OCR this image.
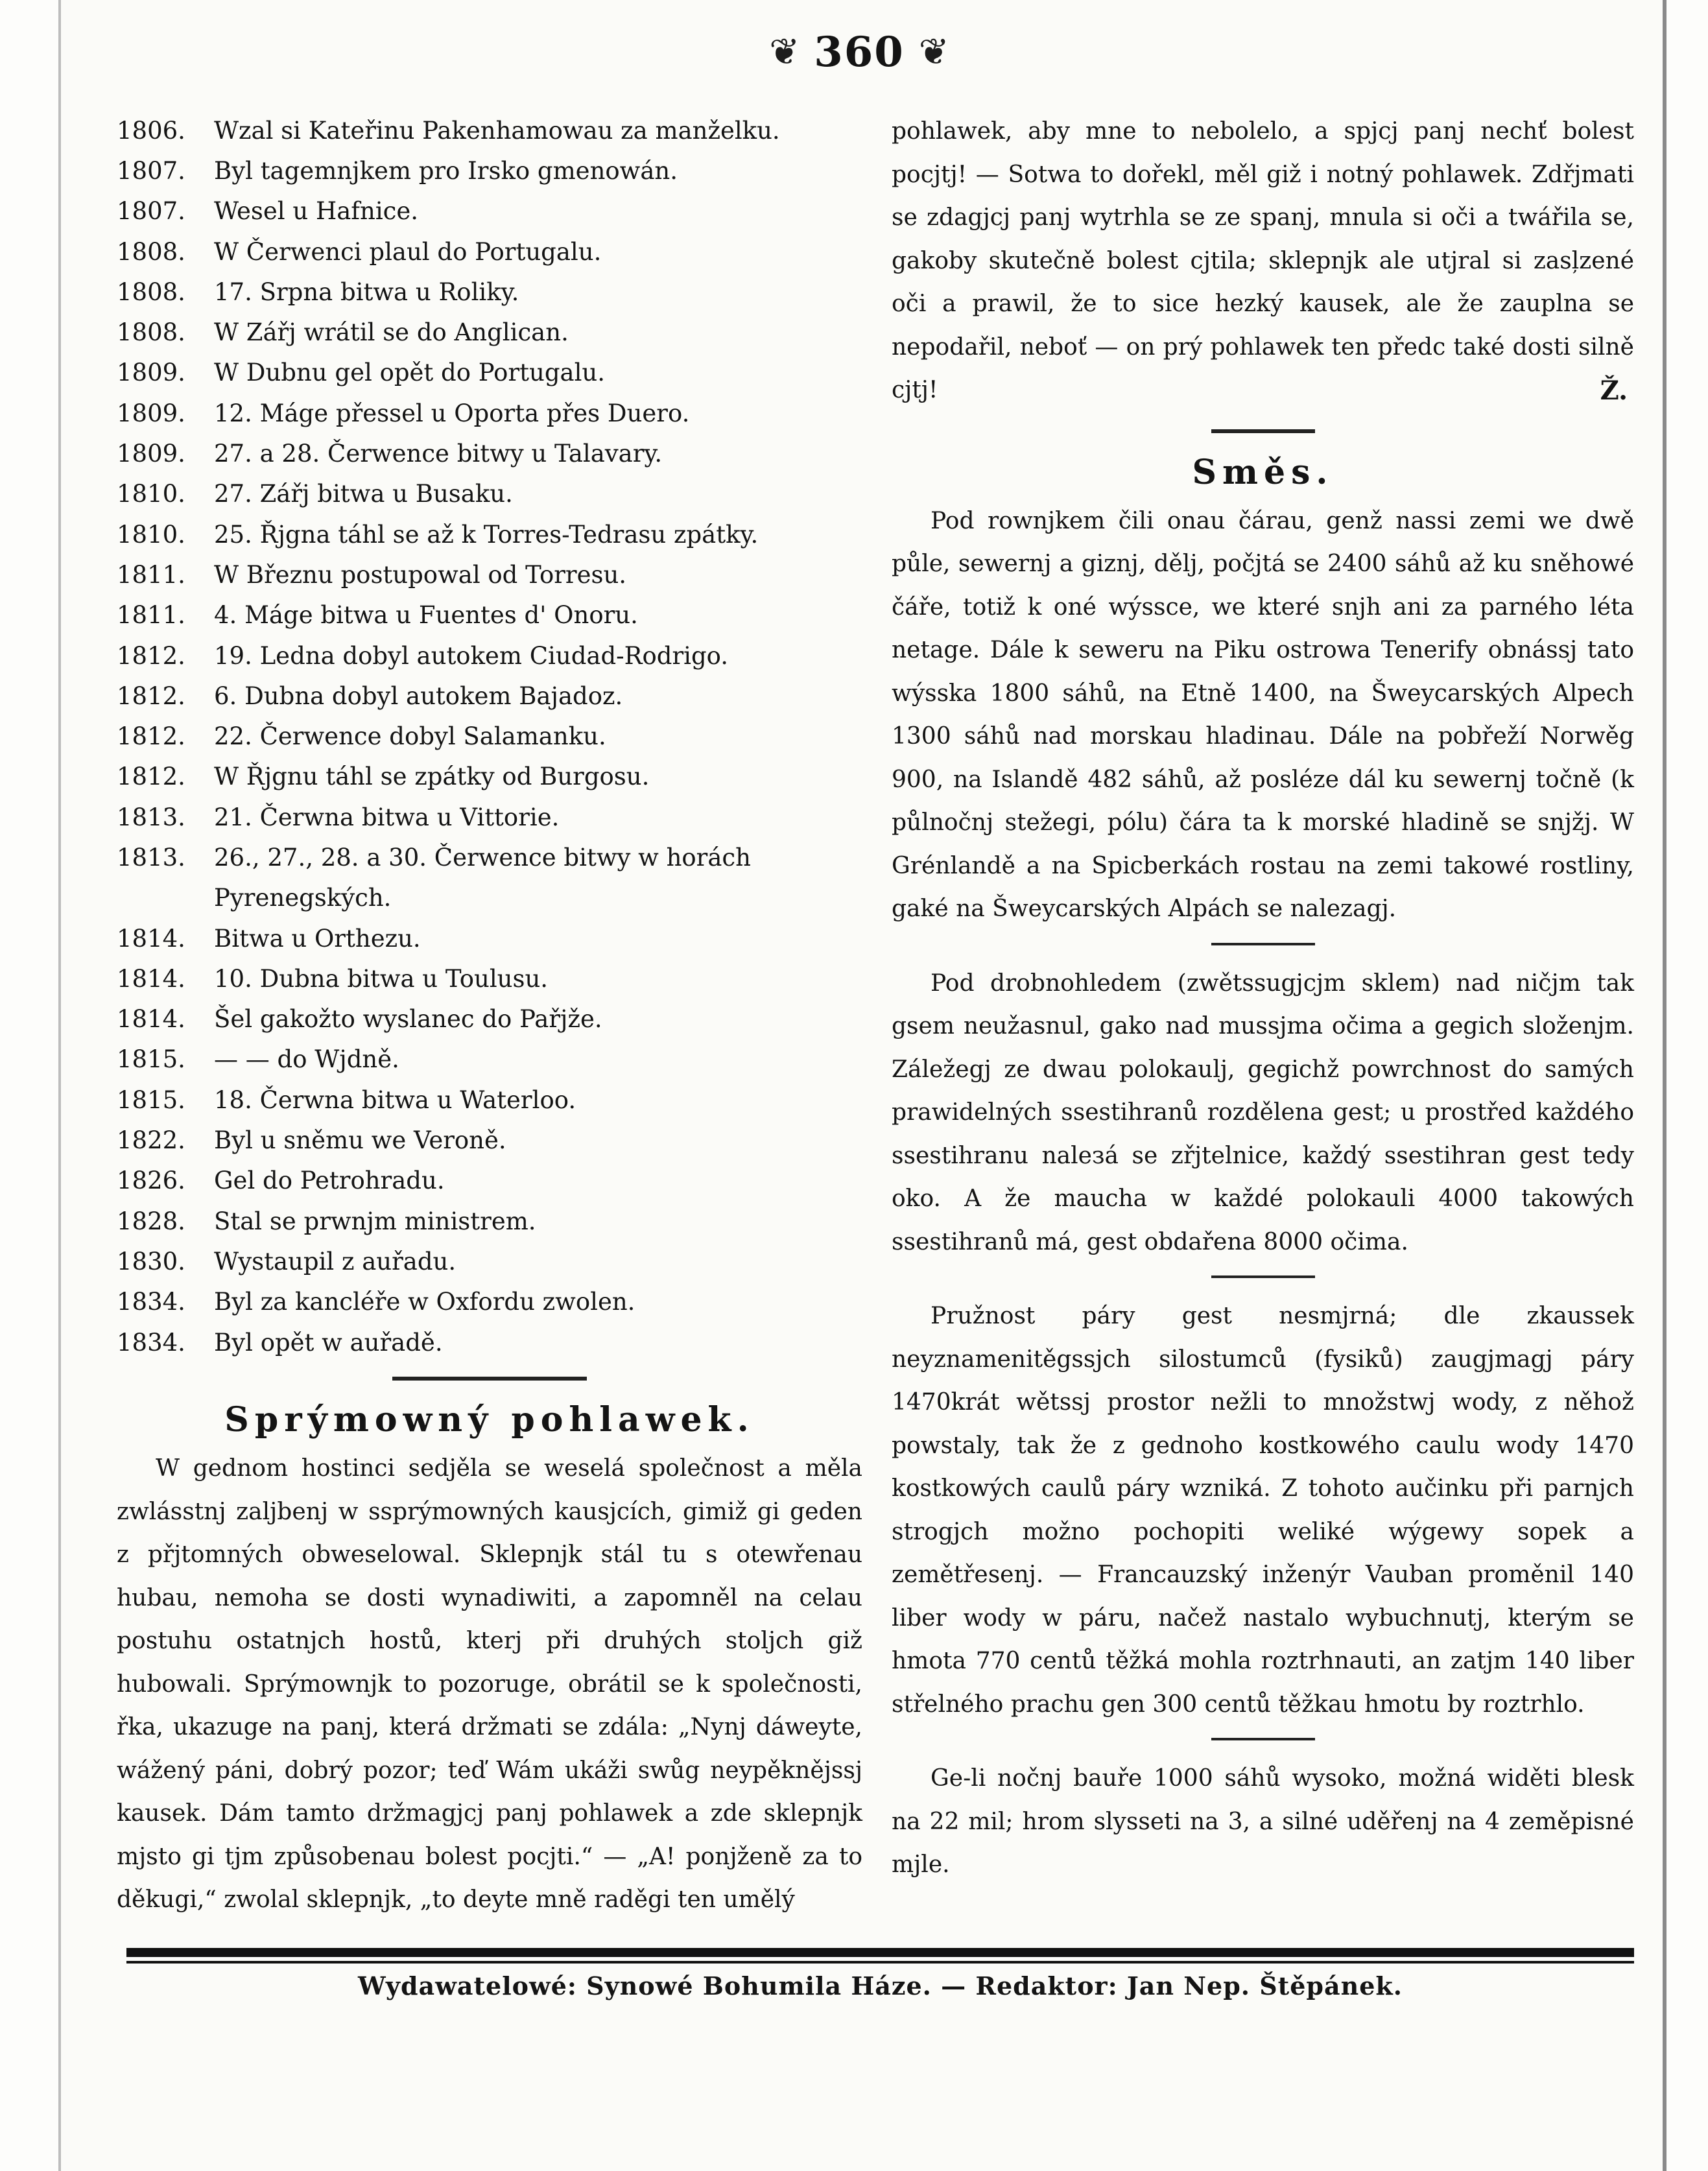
❦ 360 ❦
1806.	Wzal si Kateřinu Pakenhamowau za manželku.
1807.	Byl tagemnjkem pro Irsko gmenowán.
1807.	Wesel u Hafnice.
1808.	W Čerwenci plaul do Portugalu.
1808.	17. Srpna bitwa u Roliky.
1808.	W Zářj wrátil se do Anglican.
1809.	W Dubnu gel opět do Portugalu.
1809.	12. Máge přessel u Oporta přes Duero.
1809.	27. a 28. Čerwence bitwy u Talavary.
1810.	27. Zářj bitwa u Busaku.
1810.	25. Řjgna táhl se až k Torres-Tedrasu zpátky.
1811.	W Březnu postupowal od Torresu.
1811.	4. Máge bitwa u Fuentes d' Onoru.
1812.	19. Ledna dobyl autokem Ciudad-Rodrigo.
1812.	6. Dubna dobyl autokem Bajadoz.
1812.	22. Čerwence dobyl Salamanku.
1812.	W Řjgnu táhl se zpátky od Burgosu.
1813.	21. Čerwna bitwa u Vittorie.
1813.	26., 27., 28. a 30. Čerwence bitwy w horách
Pyrenegských.
1814.	Bitwa u Orthezu.
1814.	10. Dubna bitwa u Toulusu.
1814.	Šel gakožto wyslanec do Pařjže.
1815.	— — do Wjdně.
1815.	18. Čerwna bitwa u Waterloo.
1822.	Byl u sněmu we Veroně.
1826.	Gel do Petrohradu.
1828.	Stal se prwnjm ministrem.
1830.	Wystaupil z auřadu.
1834.	Byl za kancléře w Oxfordu zwolen.
1834.	Byl opět w auřadě.
Sprýmowný pohlawek.

W gednom hostinci sedjěla se weselá společnost a měla zwlásstnj zaljbenj w ssprýmowných kausjcích, gimiž gi geden z přjtomných obweselowal. Sklepnjk stál tu s otewřenau hubau, nemoha se dosti wynadiwiti, a zapomněl na celau postuhu ostatnjch hostů, kterj při druhých stoljch giž hubowali. Sprýmownjk to pozoruge, obrátil se k společnosti, řka, ukazuge na panj, která držmati se zdála: „Nynj dáweyte, wážený páni, dobrý pozor; teď Wám ukáži swůg neypěknějssj kausek. Dám tamto držmagjcj panj pohlawek a zde sklepnjk mjsto gi tjm způsobenau bolest pocjti.“ — „A! ponjženě za to děkugi,“ zwolal sklepnjk, „to deyte mně raděgi ten umělý

pohlawek, aby mne to nebolelo, a spjcj panj nechť bolest pocjtj! — Sotwa to dořekl, měl giž i notný pohlawek. Zdřjmati se zdagjcj panj wytrhla se ze spanj, mnula si oči a twářila se, gakoby skutečně bolest cjtila; sklepnjk ale utjral si zasļzené oči a prawil, že to sice hezký kausek, ale že zauplna se nepodařil, neboť — on prý pohlawek ten předc také dosti silně cjtj!	Ž.
Směs.

Pod rownjkem čili onau čárau, genž nassi zemi we dwě půle, sewernj a giznj, dělj, počjtá se 2400 sáhů až ku sněhowé čáře, totiž k oné wýssce, we které snjh ani za parného léta netage. Dále k seweru na Piku ostrowa Tenerify obnássj tato wýsska 1800 sáhů, na Etně 1400, na Šweycarských Alpech 1300 sáhů nad morskau hladinau. Dále na pobřeží Norwěg 900, na Islandě 482 sáhů, až posléze dál ku sewernj točně (k půlnočnj stežegi, pólu) čára ta k morské hladině se snjžj. W Grénlandě a na Spicberkách rostau na zemi takowé rostliny, gaké na Šweycarských Alpách se nalezagj.

Pod drobnohledem (zwětssugjcjm sklem) nad ničjm tak gsem neužasnul, gako nad mussjma očima a gegich složenjm. Záležegj ze dwau polokaulj, gegichž powrchnost do samých prawidelných ssestihranů rozdělena gest; u prostřed každého ssestihranu naleзá se zřjtelnice, každý ssestihran gest tedy oko. A že maucha w každé polokauli 4000 takowých ssestihranů má, gest obdařena 8000 očima.

Pružnost páry gest nesmjrná; dle zkaussek neyznamenitěgssjch silostumců (fysiků) zaugjmagj páry 1470krát wětssj prostor nežli to množstwj wody, z něhož powstaly, tak že z gednoho kostkowého caulu wody 1470 kostkowých caulů páry wzniká. Z tohoto aučinku při parnjch strogjch možno pochopiti weliké wýgewy sopek a zemětřesenj. — Francauzský inženýr Vauban proměnil 140 liber wody w páru, načež nastalo wybuchnutj, kterým se hmota 770 centů těžká mohla roztrhnauti, an zatjm 140 liber střelného prachu gen 300 centů těžkau hmotu by roztrhlo.

Ge-li nočnj bauře 1000 sáhů wysoko, možná widěti blesk na 22 mil; hrom slysseti na 3, a silné uděřenj na 4 zeměpisné mjle.

Wydawatelowé: Synowé Bohumila Háze. — Redaktor: Jan Nep. Štěpánek.
